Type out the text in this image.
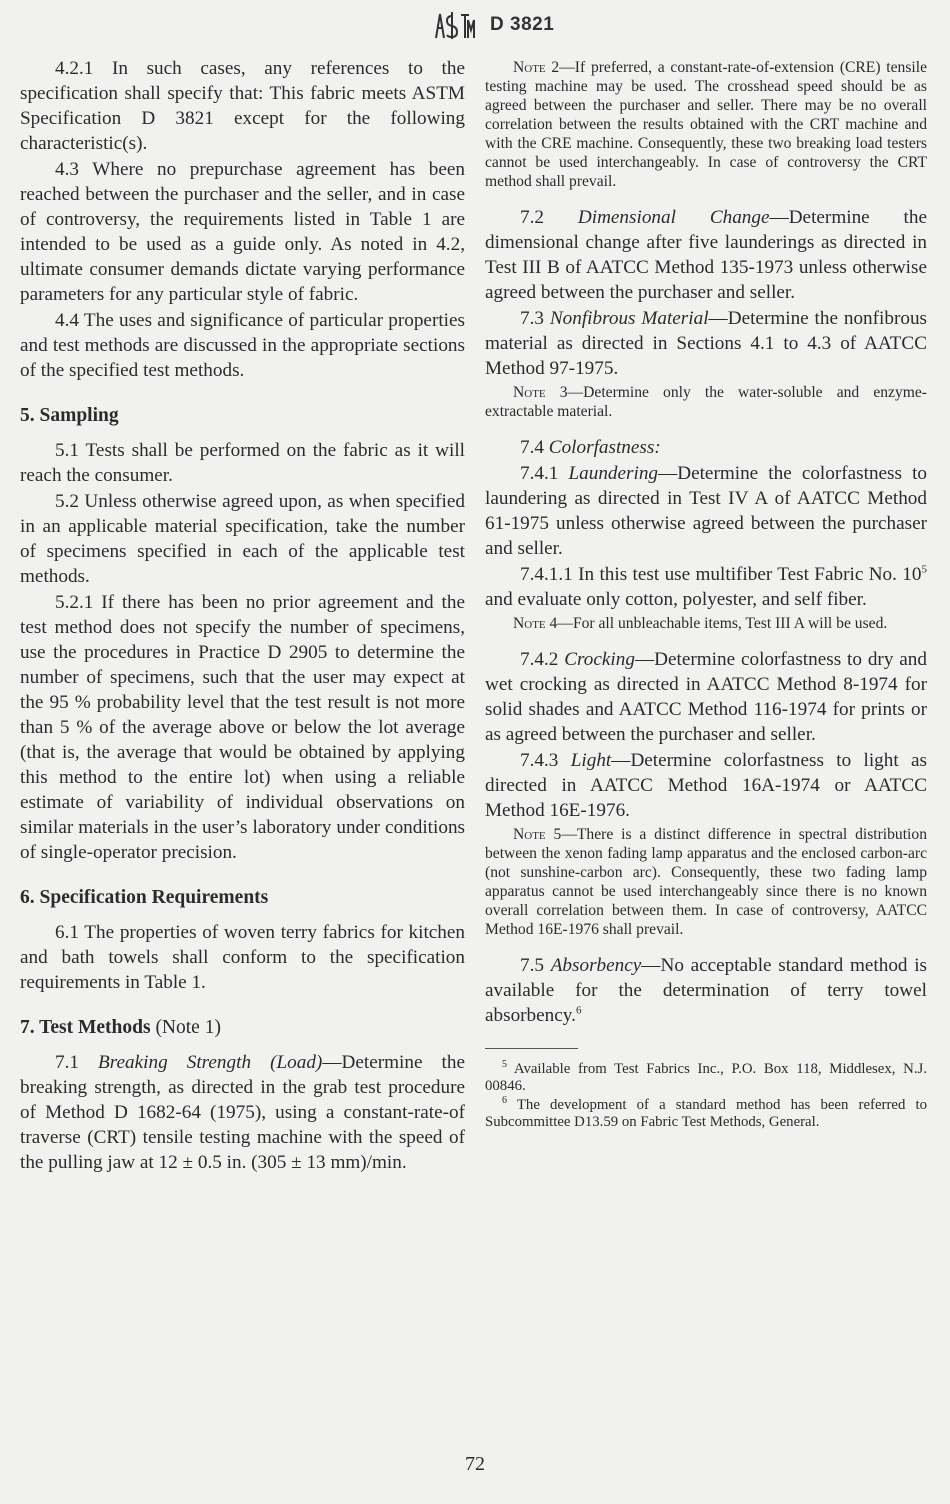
D 3821

4.2.1 In such cases, any references to the specification shall specify that: This fabric meets ASTM Specification D 3821 except for the following characteristic(s).

4.3 Where no prepurchase agreement has been reached between the purchaser and the seller, and in case of controversy, the requirements listed in Table 1 are intended to be used as a guide only. As noted in 4.2, ultimate consumer demands dictate varying performance parameters for any particular style of fabric.

4.4 The uses and significance of particular properties and test methods are discussed in the appropriate sections of the specified test methods.

5. Sampling

5.1 Tests shall be performed on the fabric as it will reach the consumer.

5.2 Unless otherwise agreed upon, as when specified in an applicable material specification, take the number of specimens specified in each of the applicable test methods.

5.2.1 If there has been no prior agreement and the test method does not specify the number of specimens, use the procedures in Practice D 2905 to determine the number of specimens, such that the user may expect at the 95 % probability level that the test result is not more than 5 % of the average above or below the lot average (that is, the average that would be obtained by applying this method to the entire lot) when using a reliable estimate of variability of individual observations on similar materials in the user’s laboratory under conditions of single-operator precision.

6. Specification Requirements

6.1 The properties of woven terry fabrics for kitchen and bath towels shall conform to the specification requirements in Table 1.

7. Test Methods (Note 1)

7.1 Breaking Strength (Load)—Determine the breaking strength, as directed in the grab test procedure of Method D 1682-64 (1975), using a constant-rate-of traverse (CRT) tensile testing machine with the speed of the pulling jaw at 12 ± 0.5 in. (305 ± 13 mm)/min.

Note 2—If preferred, a constant-rate-of-extension (CRE) tensile testing machine may be used. The crosshead speed should be as agreed between the purchaser and seller. There may be no overall correlation between the results obtained with the CRT machine and with the CRE machine. Consequently, these two breaking load testers cannot be used interchangeably. In case of controversy the CRT method shall prevail.

7.2 Dimensional Change—Determine the dimensional change after five launderings as directed in Test III B of AATCC Method 135-1973 unless otherwise agreed between the purchaser and seller.

7.3 Nonfibrous Material—Determine the nonfibrous material as directed in Sections 4.1 to 4.3 of AATCC Method 97-1975.

Note 3—Determine only the water-soluble and enzyme-extractable material.

7.4 Colorfastness:

7.4.1 Laundering—Determine the colorfastness to laundering as directed in Test IV A of AATCC Method 61-1975 unless otherwise agreed between the purchaser and seller.

7.4.1.1 In this test use multifiber Test Fabric No. $10^5$ and evaluate only cotton, polyester, and self fiber.

Note 4—For all unbleachable items, Test III A will be used.

7.4.2 Crocking—Determine colorfastness to dry and wet crocking as directed in AATCC Method 8-1974 for solid shades and AATCC Method 116-1974 for prints or as agreed between the purchaser and seller.

7.4.3 Light—Determine colorfastness to light as directed in AATCC Method 16A-1974 or AATCC Method 16E-1976.

Note 5—There is a distinct difference in spectral distribution between the xenon fading lamp apparatus and the enclosed carbon-arc (not sunshine-carbon arc). Consequently, these two fading lamp apparatus cannot be used interchangeably since there is no known overall correlation between them. In case of controversy, AATCC Method 16E-1976 shall prevail.

7.5 Absorbency—No acceptable standard method is available for the determination of terry towel absorbency.$^6$

$^5$ Available from Test Fabrics Inc., P.O. Box 118, Middlesex, N.J. 00846.

$^6$ The development of a standard method has been referred to Subcommittee D13.59 on Fabric Test Methods, General.

72
